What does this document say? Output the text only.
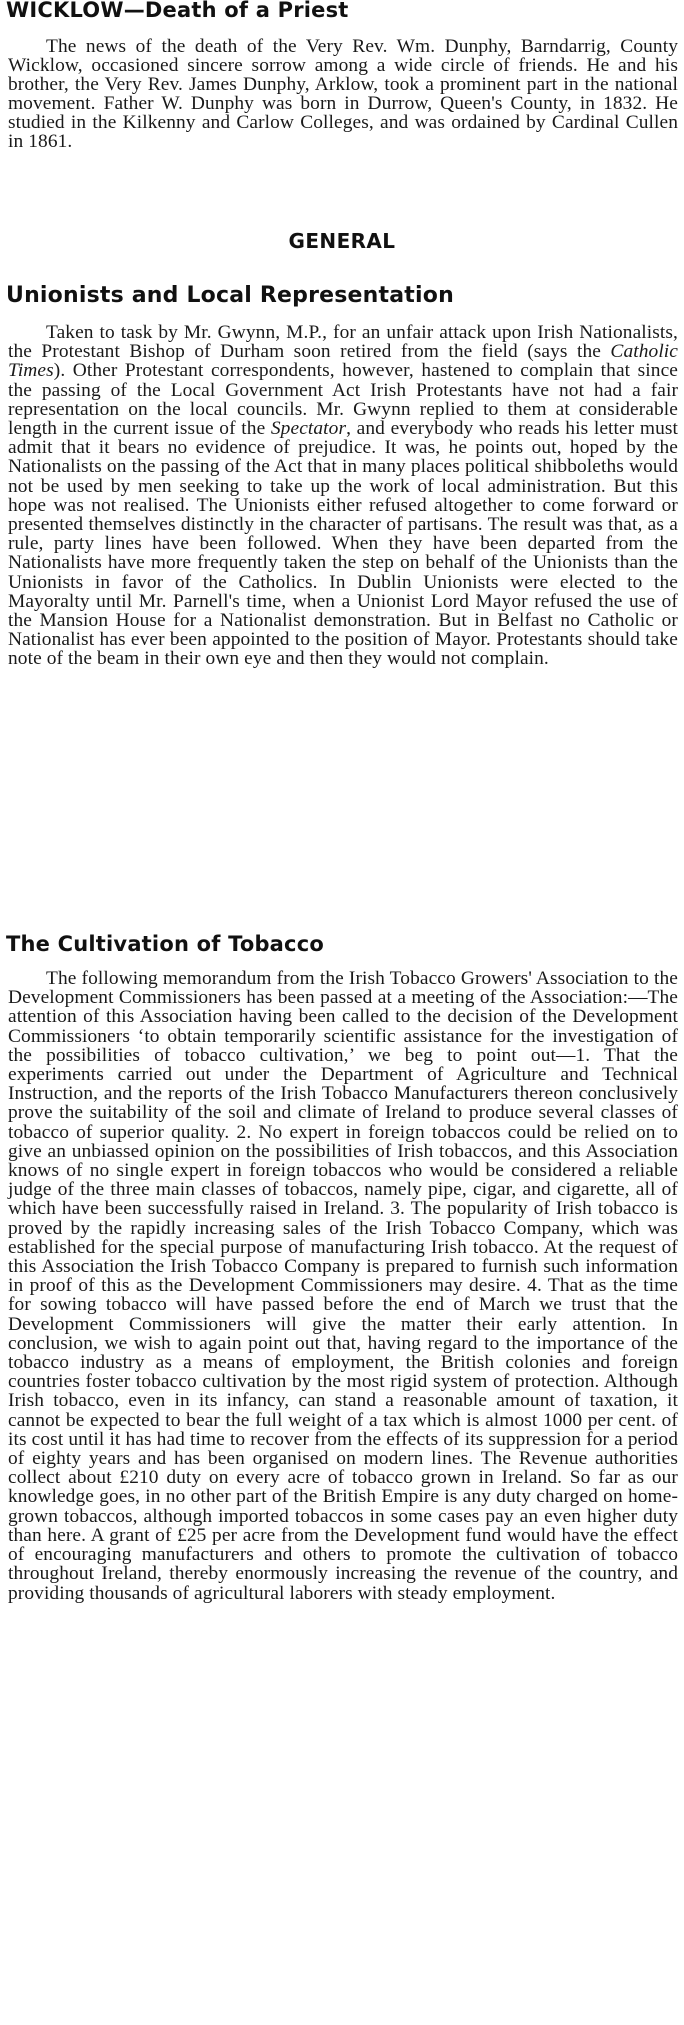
WICKLOW—Death of a Priest

The news of the death of the Very Rev. Wm. Dunphy, Barndarrig, County Wicklow, occasioned sincere sorrow among a wide circle of friends. He and his brother, the Very Rev. James Dunphy, Arklow, took a prominent part in the national movement. Father W. Dunphy was born in Durrow, Queen's County, in 1832. He studied in the Kilkenny and Carlow Colleges, and was ordained by Cardinal Cullen in 1861.

GENERAL
Unionists and Local Representation

Taken to task by Mr. Gwynn, M.P., for an unfair attack upon Irish Nationalists, the Protestant Bishop of Durham soon retired from the field (says the Catholic Times). Other Protestant correspondents, however, hastened to complain that since the passing of the Local Government Act Irish Protestants have not had a fair representation on the local councils. Mr. Gwynn replied to them at considerable length in the current issue of the Spectator, and everybody who reads his letter must admit that it bears no evidence of prejudice. It was, he points out, hoped by the Nationalists on the passing of the Act that in many places political shibboleths would not be used by men seeking to take up the work of local administration. But this hope was not realised. The Unionists either refused altogether to come forward or presented themselves distinctly in the character of partisans. The result was that, as a rule, party lines have been followed. When they have been departed from the Nationalists have more frequently taken the step on behalf of the Unionists than the Unionists in favor of the Catholics. In Dublin Unionists were elected to the Mayoralty until Mr. Parnell's time, when a Unionist Lord Mayor refused the use of the Mansion House for a Nationalist demonstration. But in Belfast no Catholic or Nationalist has ever been appointed to the position of Mayor. Protestants should take note of the beam in their own eye and then they would not complain.

The Cultivation of Tobacco

The following memorandum from the Irish Tobacco Growers' Association to the Development Commissioners has been passed at a meeting of the Association:—The attention of this Association having been called to the decision of the Development Commissioners ‘to obtain temporarily scientific assistance for the investigation of the possibilities of tobacco cultivation,’ we beg to point out—1. That the experiments carried out under the Department of Agriculture and Technical Instruction, and the reports of the Irish Tobacco Manufacturers thereon conclusively prove the suitability of the soil and climate of Ireland to produce several classes of tobacco of superior quality. 2. No expert in foreign tobaccos could be relied on to give an unbiassed opinion on the possibilities of Irish tobaccos, and this Association knows of no single expert in foreign tobaccos who would be considered a reliable judge of the three main classes of tobaccos, namely pipe, cigar, and cigarette, all of which have been successfully raised in Ireland. 3. The popularity of Irish tobacco is proved by the rapidly increasing sales of the Irish Tobacco Company, which was established for the special purpose of manufacturing Irish tobacco. At the request of this Association the Irish Tobacco Company is prepared to furnish such information in proof of this as the Development Commissioners may desire. 4. That as the time for sowing tobacco will have passed before the end of March we trust that the Development Commissioners will give the matter their early attention. In conclusion, we wish to again point out that, having regard to the importance of the tobacco industry as a means of employment, the British colonies and foreign countries foster tobacco cultivation by the most rigid system of protection. Although Irish tobacco, even in its infancy, can stand a reasonable amount of taxation, it cannot be expected to bear the full weight of a tax which is almost 1000 per cent. of its cost until it has had time to recover from the effects of its suppression for a period of eighty years and has been organised on modern lines. The Revenue authorities collect about £210 duty on every acre of tobacco grown in Ireland. So far as our knowledge goes, in no other part of the British Empire is any duty charged on home-grown tobaccos, although imported tobaccos in some cases pay an even higher duty than here. A grant of £25 per acre from the Development fund would have the effect of encouraging manufacturers and others to promote the cultivation of tobacco throughout Ireland, thereby enormously increasing the revenue of the country, and providing thousands of agricultural laborers with steady employment.
